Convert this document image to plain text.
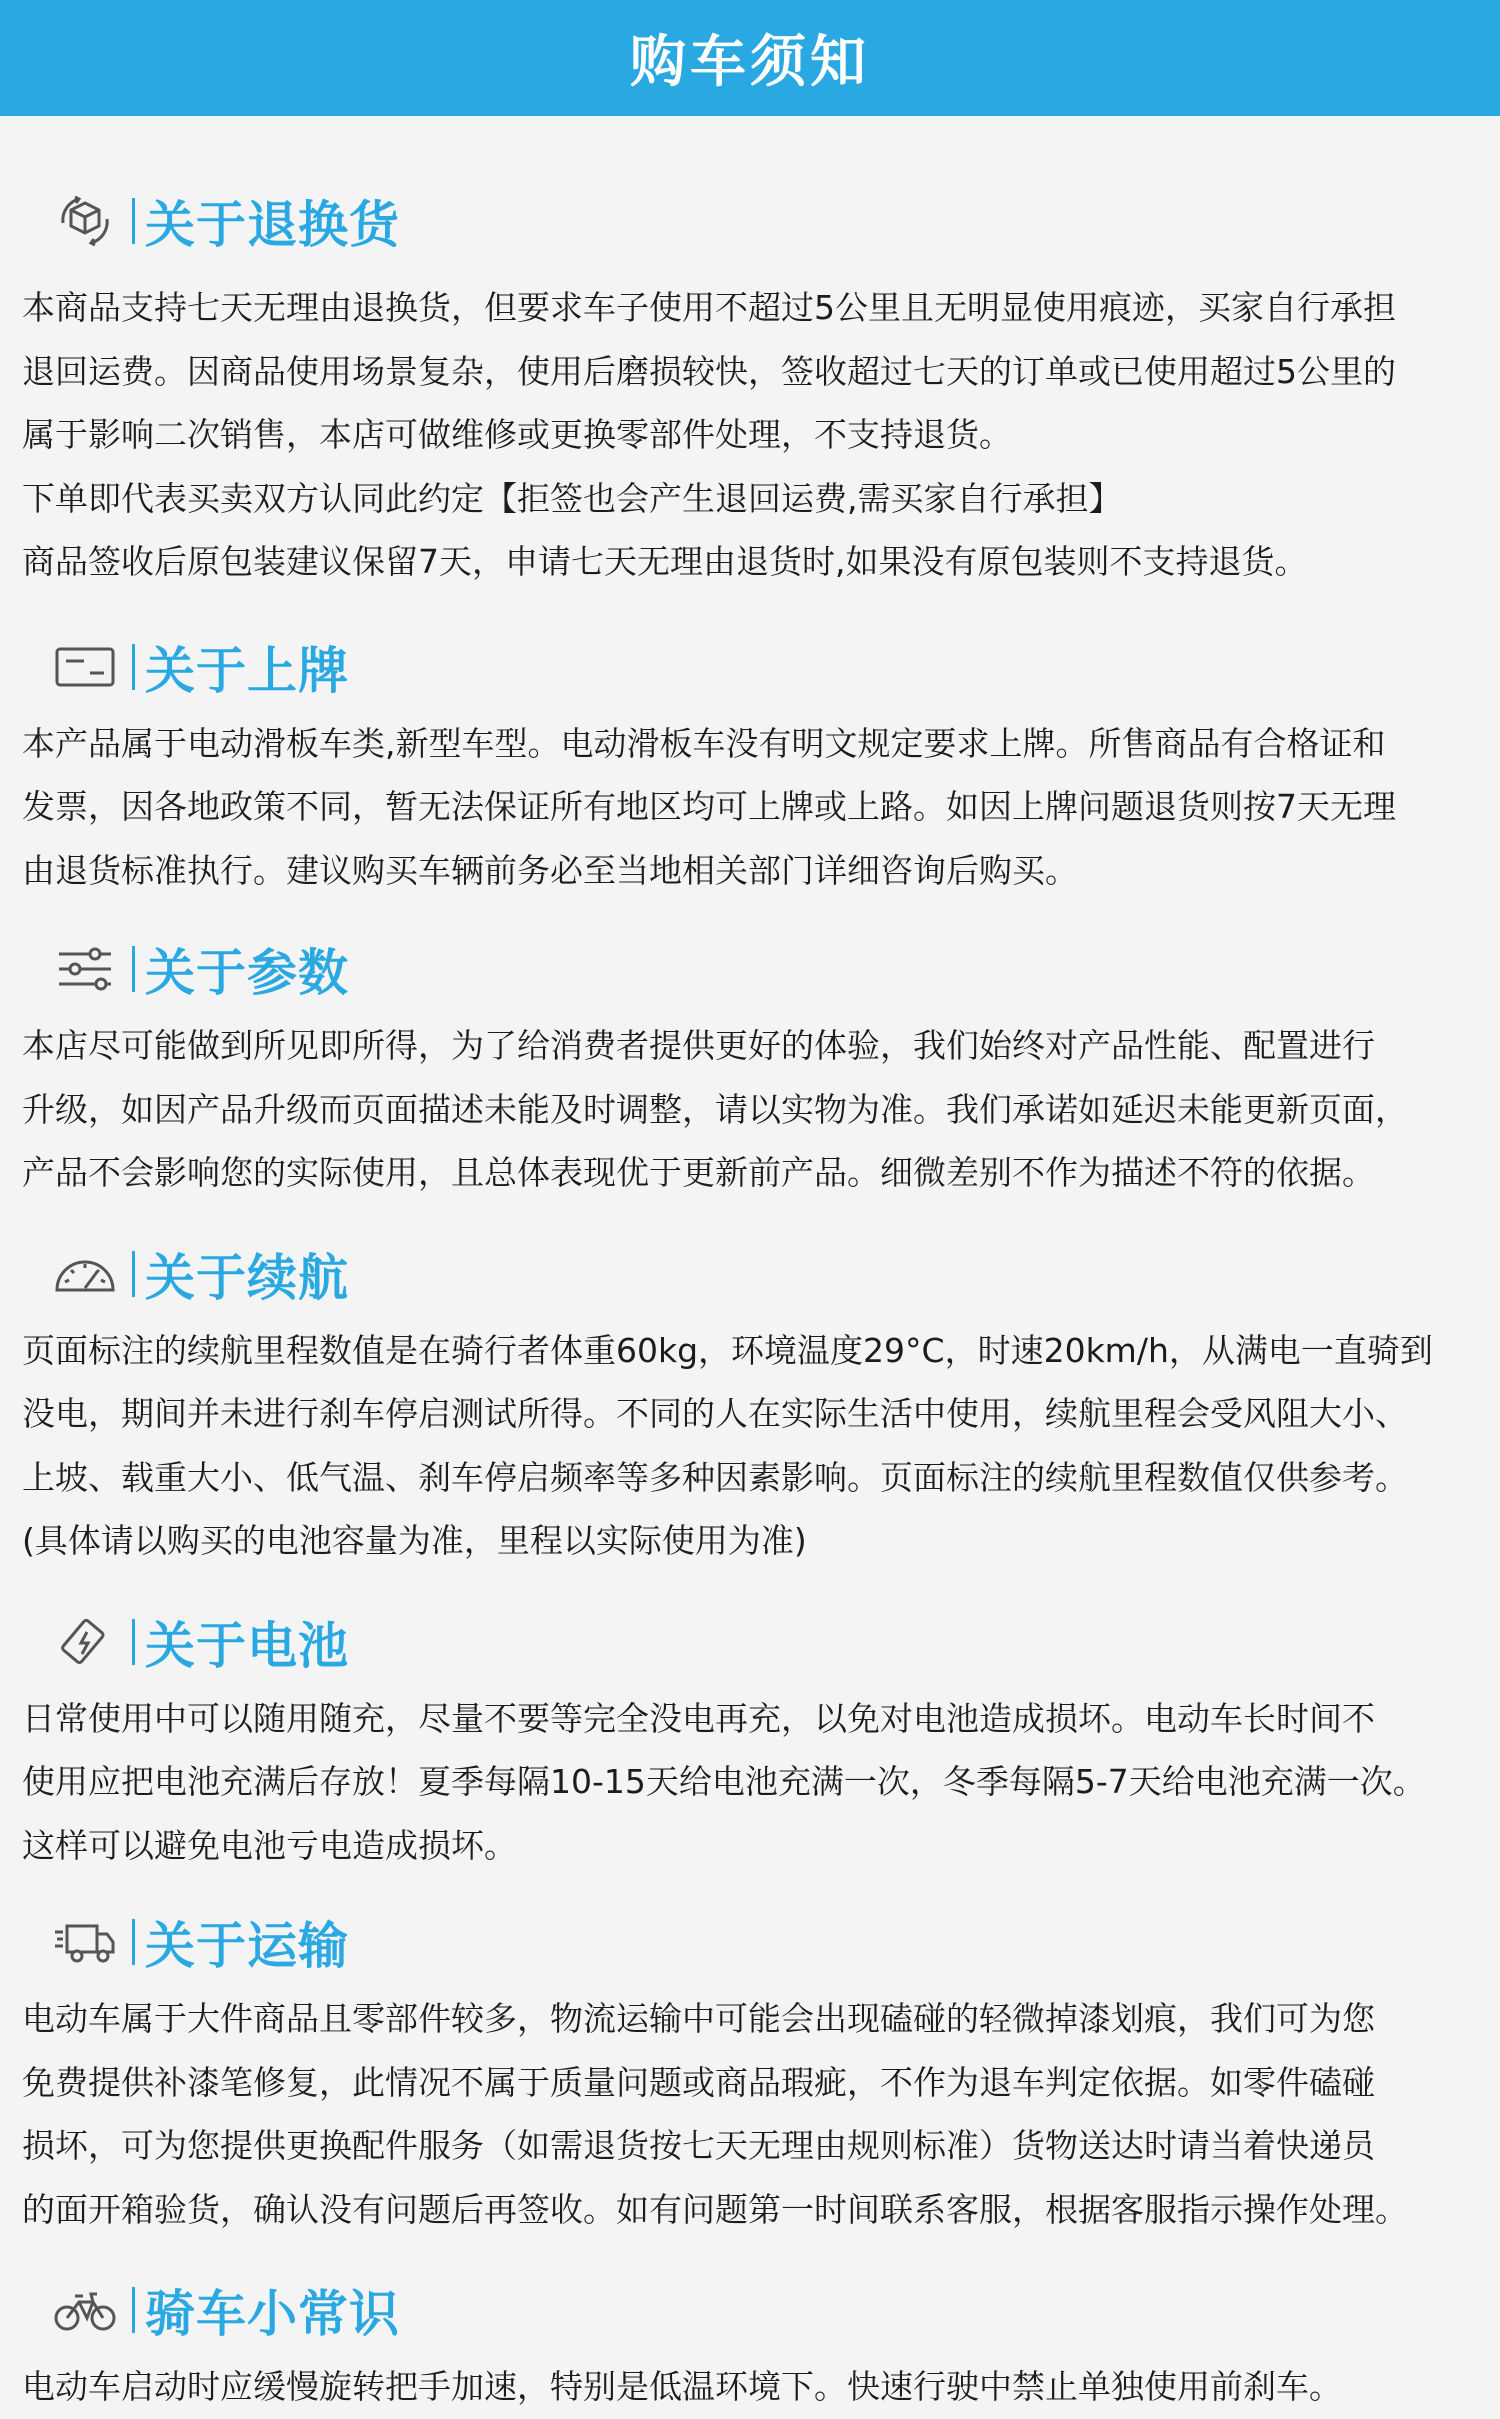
购车须知
关于退换货

本商品支持七天无理由退换货，但要求车子使用不超过5公里且无明显使用痕迹，买家自行承担

退回运费。因商品使用场景复杂，使用后磨损较快，签收超过七天的订单或已使用超过5公里的

属于影响二次销售，本店可做维修或更换零部件处理，不支持退货。

下单即代表买卖双方认同此约定【拒签也会产生退回运费,需买家自行承担】

商品签收后原包装建议保留7天，申请七天无理由退货时,如果没有原包装则不支持退货。

关于上牌

本产品属于电动滑板车类,新型车型。电动滑板车没有明文规定要求上牌。所售商品有合格证和

发票，因各地政策不同，暂无法保证所有地区均可上牌或上路。如因上牌问题退货则按7天无理

由退货标准执行。建议购买车辆前务必至当地相关部门详细咨询后购买。

关于参数

本店尽可能做到所见即所得，为了给消费者提供更好的体验，我们始终对产品性能、配置进行

升级，如因产品升级而页面描述未能及时调整，请以实物为准。我们承诺如延迟未能更新页面，

产品不会影响您的实际使用，且总体表现优于更新前产品。细微差别不作为描述不符的依据。

关于续航

页面标注的续航里程数值是在骑行者体重60kg，环境温度29°C，时速20km/h，从满电一直骑到

没电，期间并未进行刹车停启测试所得。不同的人在实际生活中使用，续航里程会受风阻大小、

上坡、载重大小、低气温、刹车停启频率等多种因素影响。页面标注的续航里程数值仅供参考。

(具体请以购买的电池容量为准，里程以实际使用为准)

关于电池

日常使用中可以随用随充，尽量不要等完全没电再充，以免对电池造成损坏。电动车长时间不

使用应把电池充满后存放！夏季每隔10-15天给电池充满一次，冬季每隔5-7天给电池充满一次。

这样可以避免电池亏电造成损坏。

关于运输

电动车属于大件商品且零部件较多，物流运输中可能会出现磕碰的轻微掉漆划痕，我们可为您

免费提供补漆笔修复，此情况不属于质量问题或商品瑕疵，不作为退车判定依据。如零件磕碰

损坏，可为您提供更换配件服务（如需退货按七天无理由规则标准）货物送达时请当着快递员

的面开箱验货，确认没有问题后再签收。如有问题第一时间联系客服，根据客服指示操作处理。

骑车小常识

电动车启动时应缓慢旋转把手加速，特别是低温环境下。快速行驶中禁止单独使用前刹车。
